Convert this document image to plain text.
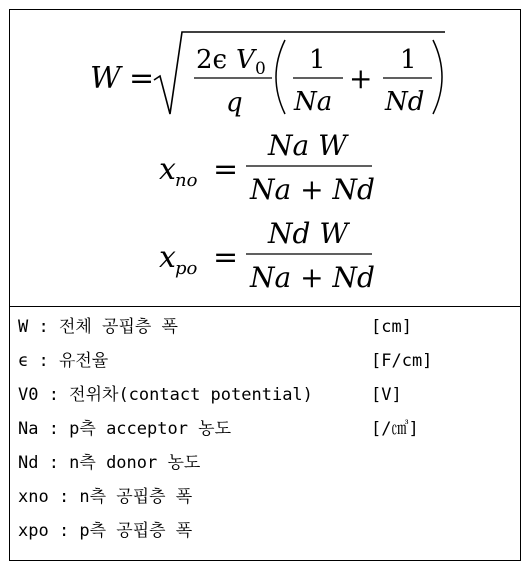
W =
2ϵ V 0
q
1
Na
+
1
Nd
x no =
Na W
Na + Nd
x po =
Nd W
Na + Nd
W : 전체 공핍층 폭	[cm]
ϵ : 유전율	[F/cm]
V0 : 전위차(contact potential)	[V]
Na : p측 acceptor 농도	[/㎤]
Nd : n측 donor 농도
xno : n측 공핍층 폭
xpo : p측 공핍층 폭
